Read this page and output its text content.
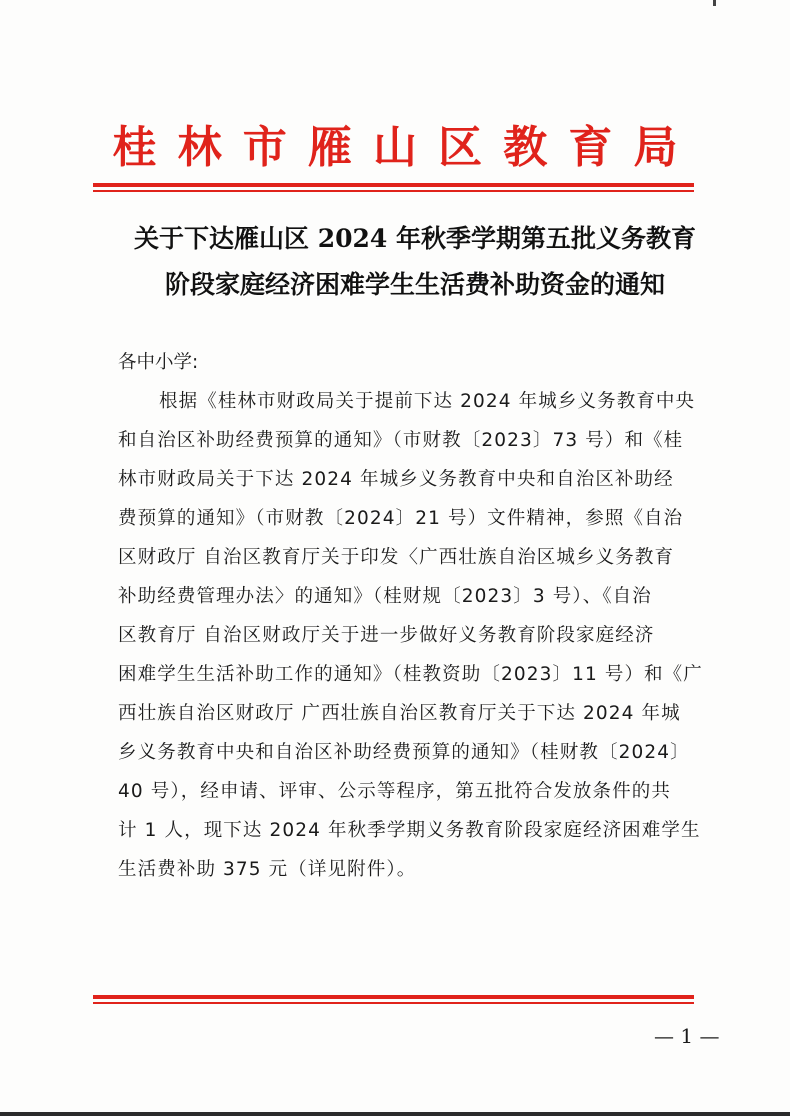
桂林市雁山区教育局
关于下达雁山区 2024 年秋季学期第五批义务教育
阶段家庭经济困难学生生活费补助资金的通知
各中小学:
根据《桂林市财政局关于提前下达 2024 年城乡义务教育中央
和自治区补助经费预算的通知》（市财教〔2023〕73 号）和《桂
林市财政局关于下达 2024 年城乡义务教育中央和自治区补助经
费预算的通知》（市财教〔2024〕21 号）文件精神，参照《自治
区财政厅 自治区教育厅关于印发〈广西壮族自治区城乡义务教育
补助经费管理办法〉的通知》（桂财规〔2023〕3 号）、《自治
区教育厅 自治区财政厅关于进一步做好义务教育阶段家庭经济
困难学生生活补助工作的通知》（桂教资助〔2023〕11 号）和《广
西壮族自治区财政厅 广西壮族自治区教育厅关于下达 2024 年城
乡义务教育中央和自治区补助经费预算的通知》（桂财教〔2024〕
40 号），经申请、评审、公示等程序，第五批符合发放条件的共
计 1 人，现下达 2024 年秋季学期义务教育阶段家庭经济困难学生
生活费补助 375 元（详见附件）。
— 1 —
